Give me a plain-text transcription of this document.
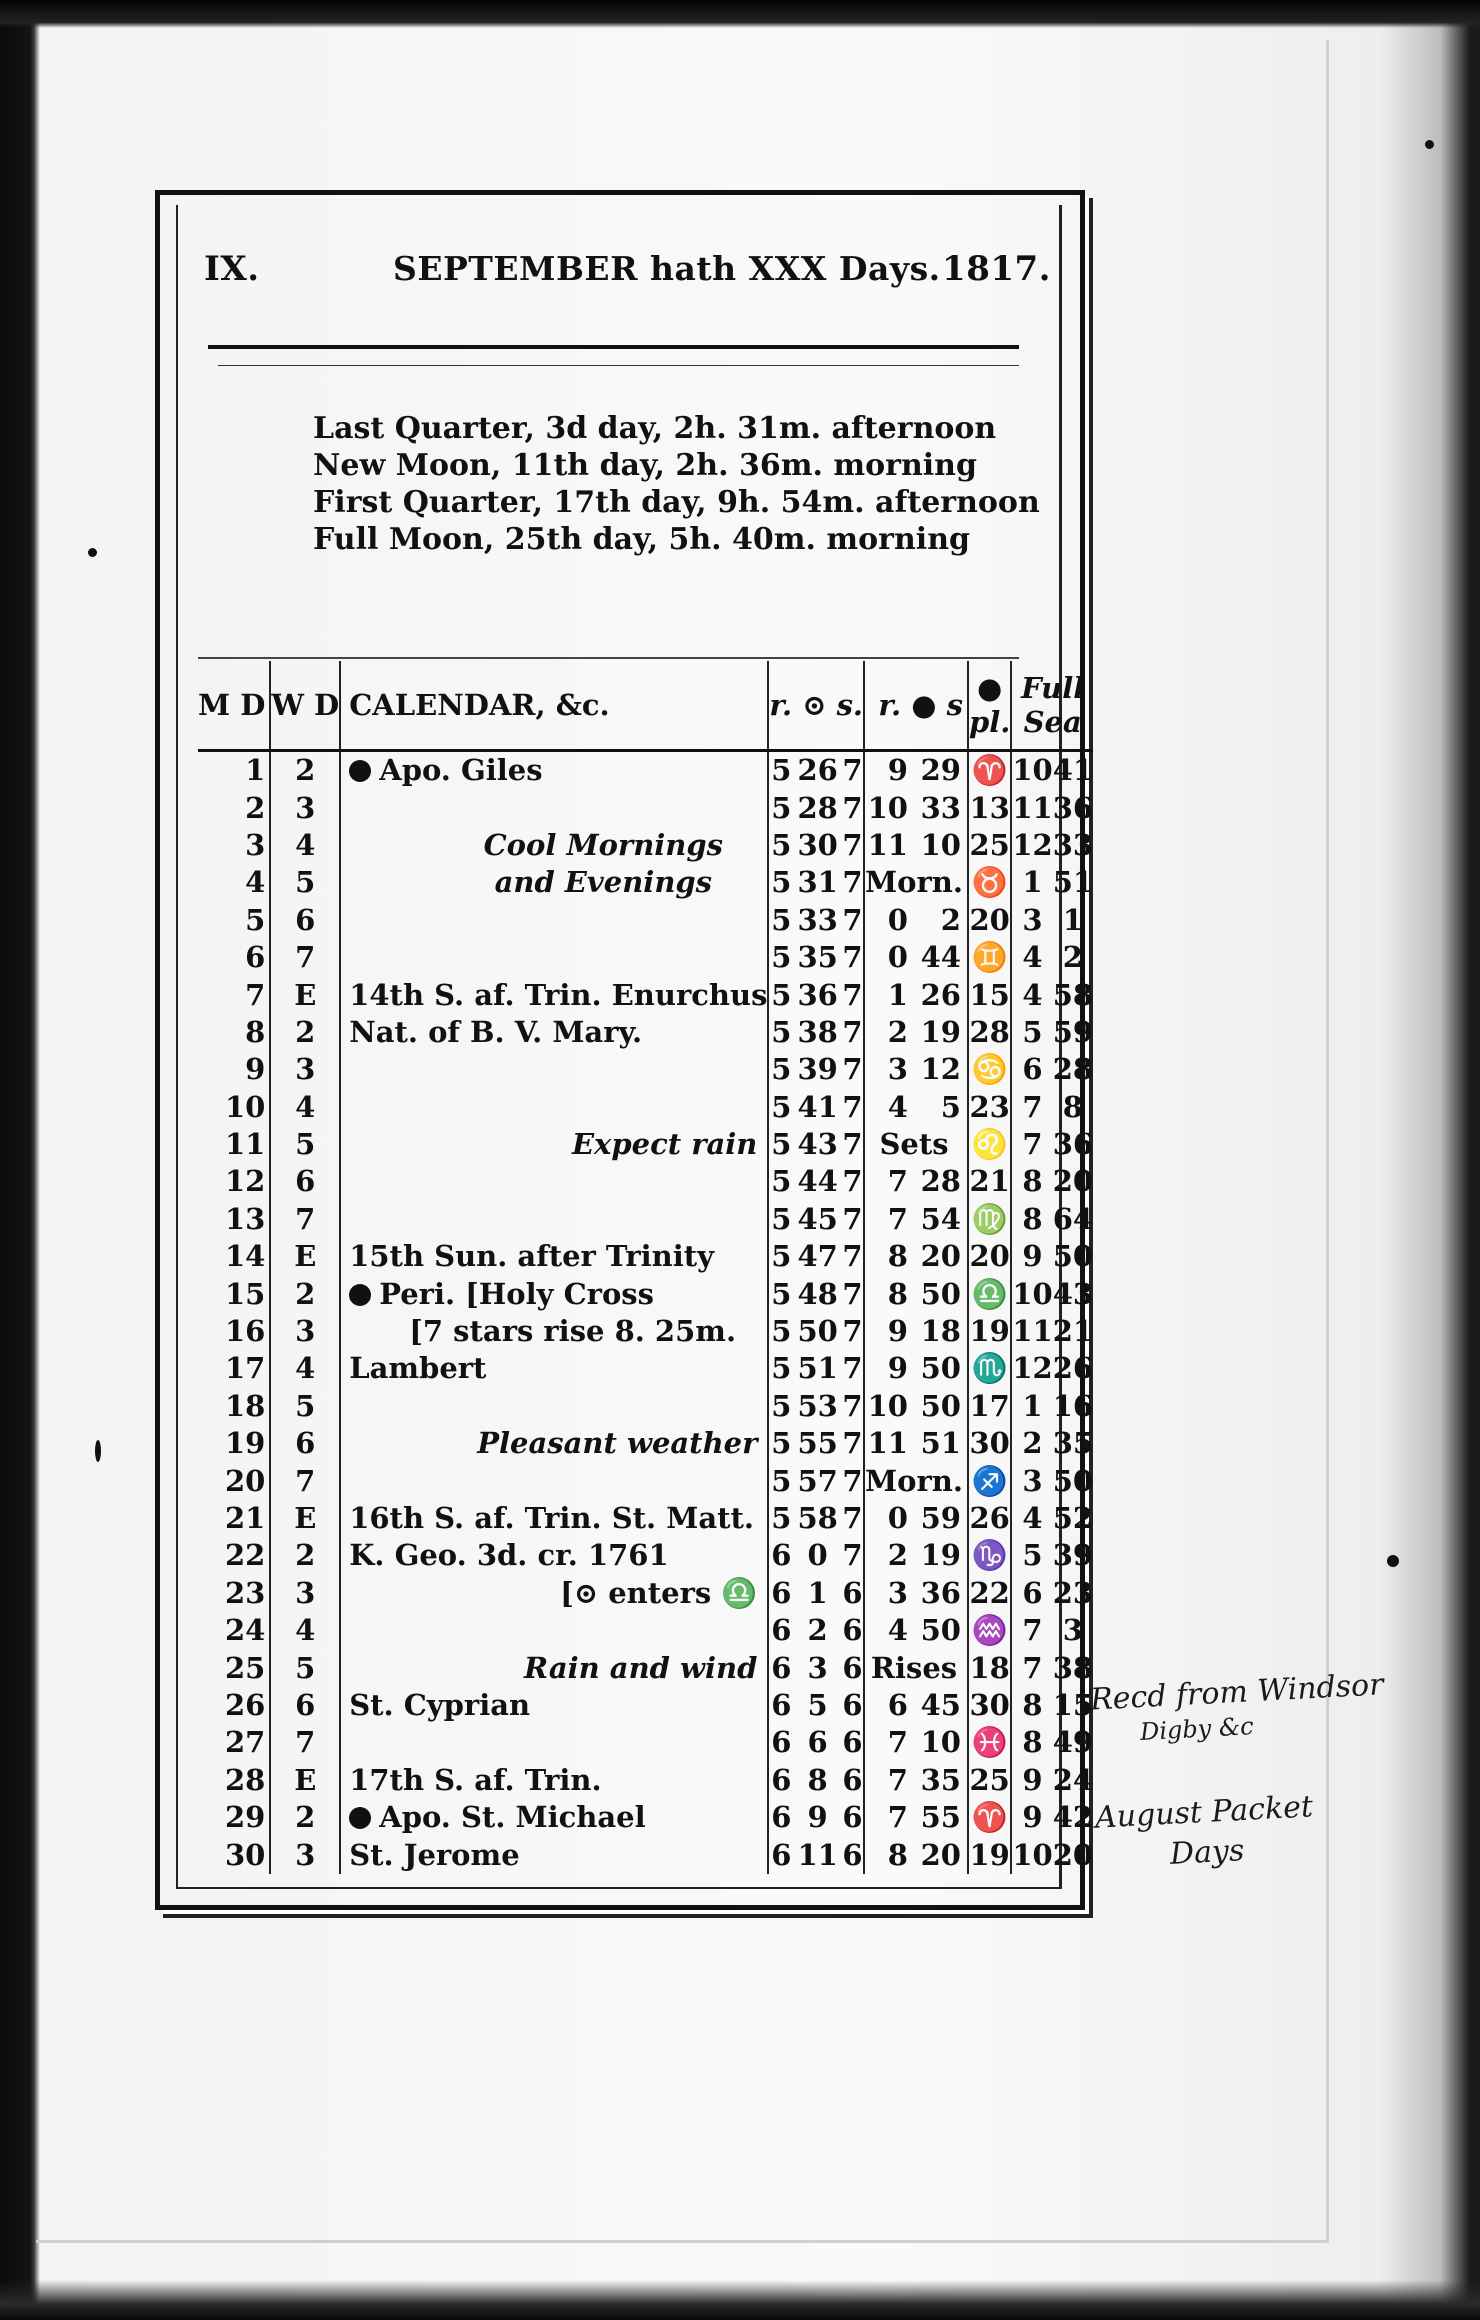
IX.	SEPTEMBER hath XXX Days. 1817.
Last Quarter, 3d day, 2h. 31m. afternoon
New Moon, 11th day, 2h. 36m. morning
First Quarter, 17th day, 9h. 54m. afternoon
Full Moon, 25th day, 5h. 40m. morning
M D	W D	CALENDAR, &c.	r. ⊙ s.			r. ● s		● pl.	Full Sea	
1	2	Apo. Giles	5	26	7	9	29	♈	10	41
2	3		5	28	7	10	33	13	11	36
3	4	Cool Mornings	5	30	7	11	10	25	12	33
4	5	and Evenings	5	31	7	Morn.		♉	1	51
5	6		5	33	7	0	2	20	3	1
6	7		5	35	7	0	44	♊	4	2
7	E	14th S. af. Trin. Enurchus	5	36	7	1	26	15	4	58
8	2	Nat. of B. V. Mary.	5	38	7	2	19	28	5	59
9	3		5	39	7	3	12	♋	6	28
10	4		5	41	7	4	5	23	7	8
11	5	Expect rain	5	43	7	Sets		♌	7	36
12	6		5	44	7	7	28	21	8	20
13	7		5	45	7	7	54	♍	8	64
14	E	15th Sun. after Trinity	5	47	7	8	20	20	9	50
15	2	Peri. [Holy Cross	5	48	7	8	50	♎	10	43
16	3	[7 stars rise 8. 25m.	5	50	7	9	18	19	11	21
17	4	Lambert	5	51	7	9	50	♏	12	26
18	5		5	53	7	10	50	17	1	16
19	6	Pleasant weather	5	55	7	11	51	30	2	35
20	7		5	57	7	Morn.		♐	3	50
21	E	16th S. af. Trin. St. Matt.	5	58	7	0	59	26	4	52
22	2	K. Geo. 3d. cr. 1761	6	0	7	2	19	♑	5	39
23	3	[⊙ enters ♎	6	1	6	3	36	22	6	23
24	4		6	2	6	4	50	♒	7	3
25	5	Rain and wind	6	3	6	Rises		18	7	38
26	6	St. Cyprian	6	5	6	6	45	30	8	15
27	7		6	6	6	7	10	♓	8	49
28	E	17th S. af. Trin.	6	8	6	7	35	25	9	24
29	2	Apo. St. Michael	6	9	6	7	55	♈	9	42
30	3	St. Jerome	6	11	6	8	20	19	10	20
Recd from Windsor
Digby &c
August Packet
Days
